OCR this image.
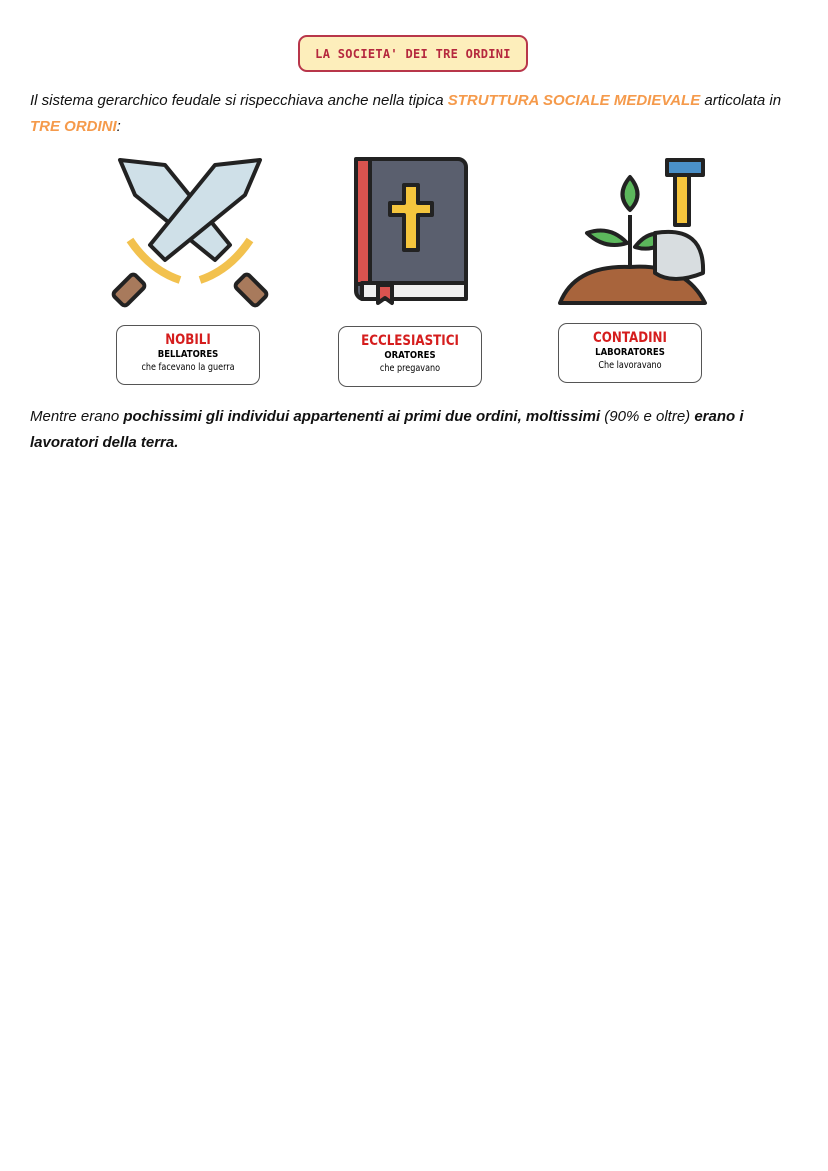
LA SOCIETA' DEI TRE ORDINI
Il sistema gerarchico feudale si rispecchiava anche nella tipica STRUTTURA SOCIALE MEDIEVALE articolata in TRE ORDINI:
NOBILI
BELLATORES
che facevano la guerra
ECCLESIASTICI
ORATORES
che pregavano
CONTADINI
LABORATORES
Che lavoravano
Mentre erano pochissimi gli individui appartenenti ai primi due ordini, moltissimi (90% e oltre) erano i lavoratori della terra.
